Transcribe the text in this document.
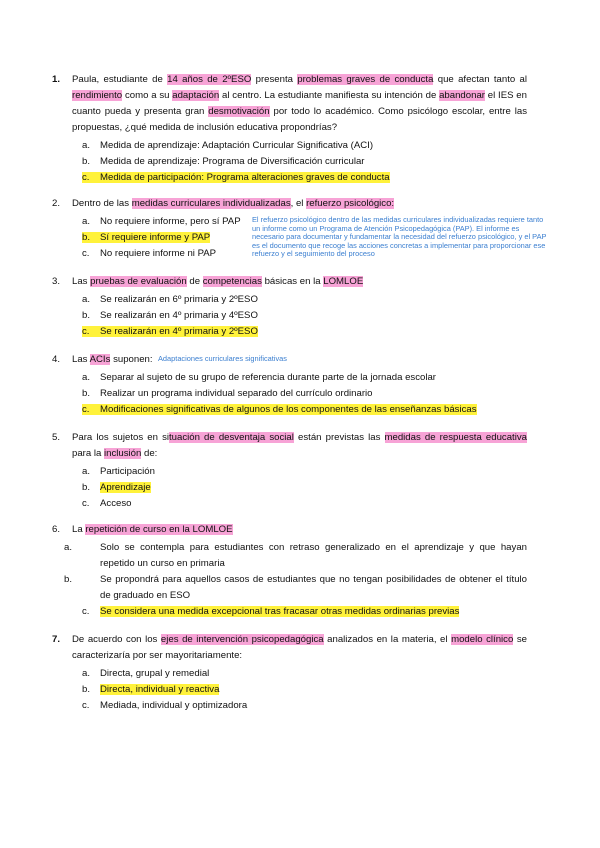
1.	Paula, estudiante de 14 años de 2ºESO presenta problemas graves de conducta que afectan tanto al rendimiento como a su adaptación al centro. La estudiante manifiesta su intención de abandonar el IES en cuanto pueda y presenta gran desmotivación por todo lo académico. Como psicólogo escolar, entre las propuestas, ¿qué medida de inclusión educativa propondrías?
a. Medida de aprendizaje: Adaptación Curricular Significativa (ACI)
b. Medida de aprendizaje: Programa de Diversificación curricular
c. Medida de participación: Programa alteraciones graves de conducta
2.	Dentro de las medidas curriculares individualizadas, el refuerzo psicológico:
a. No requiere informe, pero sí PAP
b. Sí requiere informe y PAP
c. No requiere informe ni PAP
El refuerzo psicológico dentro de las medidas curriculares individualizadas requiere tanto un informe como un Programa de Atención Psicopedagógica (PAP). El informe es necesario para documentar y fundamentar la necesidad del refuerzo psicológico, y el PAP es el documento que recoge las acciones concretas a implementar para proporcionar ese refuerzo y el seguimiento del proceso
3.	Las pruebas de evaluación de competencias básicas en la LOMLOE
a. Se realizarán en 6º primaria y 2ºESO
b. Se realizarán en 4º primaria y 4ºESO
c. Se realizarán en 4º primaria y 2ºESO
4.	Las ACIs suponen:
a. Separar al sujeto de su grupo de referencia durante parte de la jornada escolar
b. Realizar un programa individual separado del currículo ordinario
c. Modificaciones significativas de algunos de los componentes de las enseñanzas básicas
Adaptaciones curriculares significativas
5.	Para los sujetos en situación de desventaja social están previstas las medidas de respuesta educativa para la inclusión de:
a. Participación
b. Aprendizaje
c. Acceso
6.	La repetición de curso en la LOMLOE
a.	Solo se contempla para estudiantes con retraso generalizado en el aprendizaje y que hayan repetido un curso en primaria
b.	Se propondrá para aquellos casos de estudiantes que no tengan posibilidades de obtener el título de graduado en ESO
c. Se considera una medida excepcional tras fracasar otras medidas ordinarias previas
7.	De acuerdo con los ejes de intervención psicopedagógica analizados en la materia, el modelo clínico se caracterizaría por ser mayoritariamente:
a. Directa, grupal y remedial
b. Directa, individual y reactiva
c. Mediada, individual y optimizadora
